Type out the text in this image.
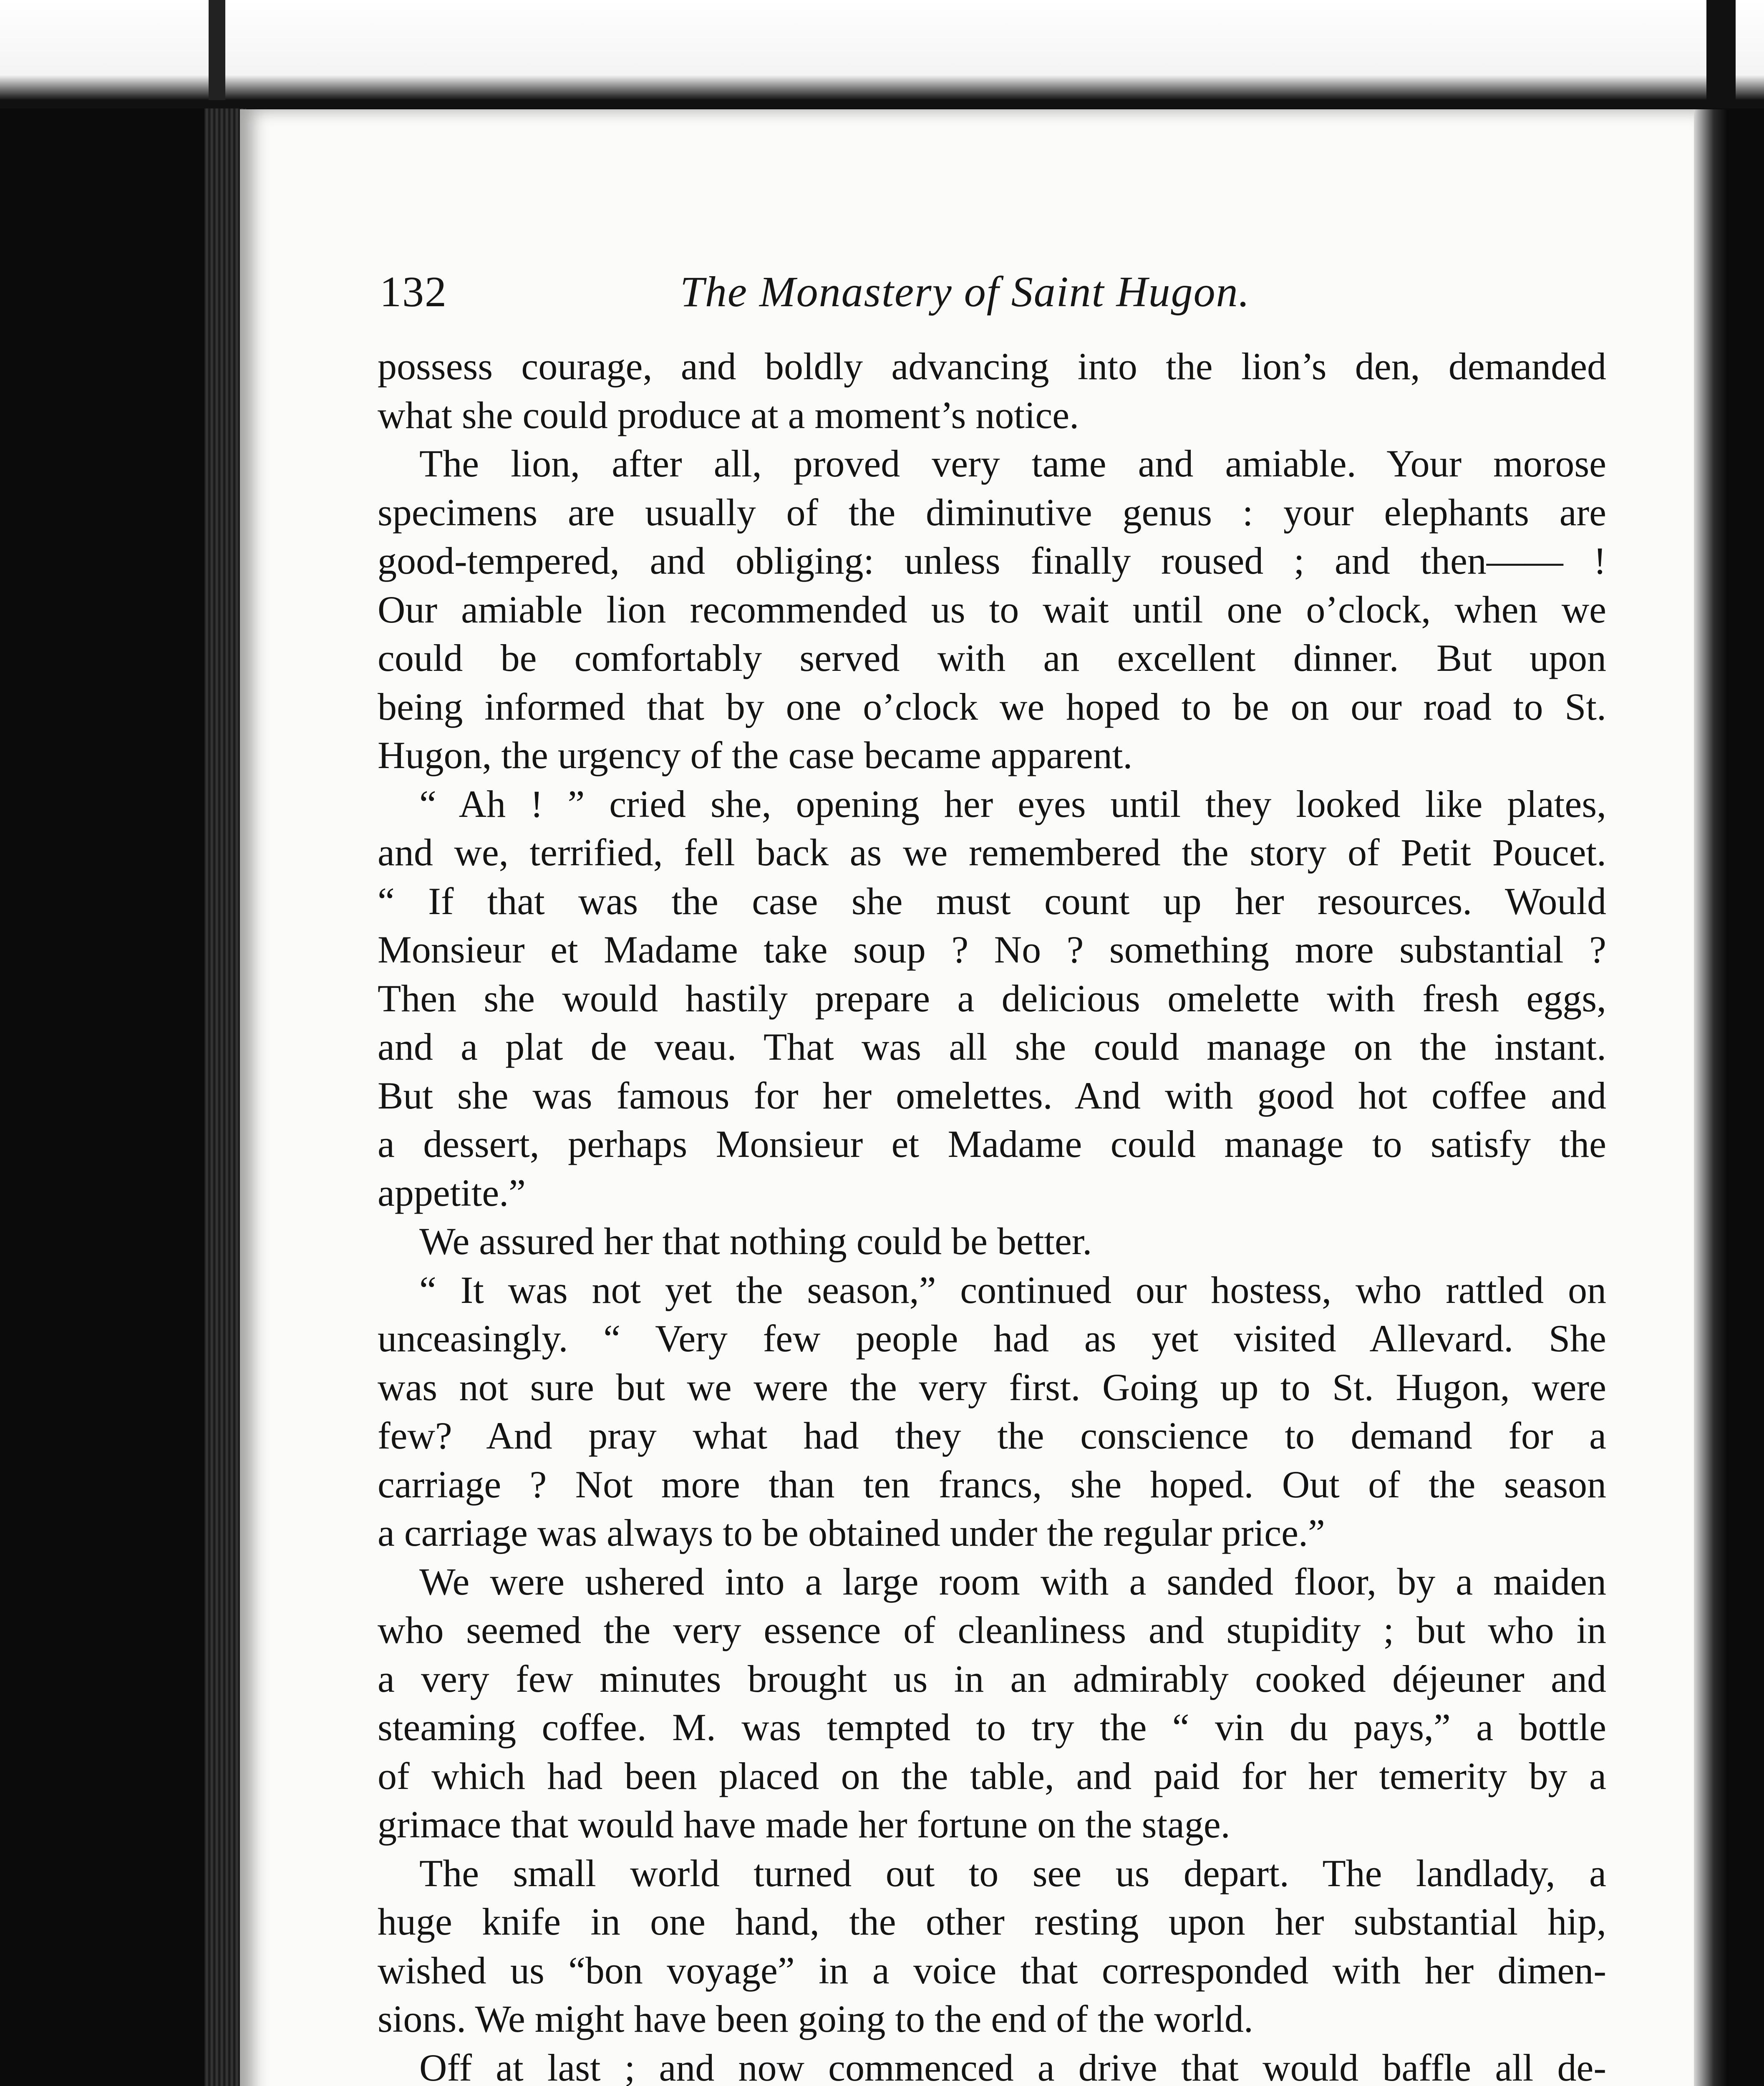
132	The Monastery of Saint Hugon.
possess courage, and boldly advancing into the lion’s den, demanded
what she could produce at a moment’s notice.
The lion, after all, proved very tame and amiable. Your morose
specimens are usually of the diminutive genus : your elephants are
good-tempered, and obliging: unless finally roused ; and then—— !
Our amiable lion recommended us to wait until one o’clock, when we
could be comfortably served with an excellent dinner. But upon
being informed that by one o’clock we hoped to be on our road to St.
Hugon, the urgency of the case became apparent.
“ Ah ! ” cried she, opening her eyes until they looked like plates,
and we, terrified, fell back as we remembered the story of Petit Poucet.
“ If that was the case she must count up her resources. Would
Monsieur et Madame take soup ? No ? something more substantial ?
Then she would hastily prepare a delicious omelette with fresh eggs,
and a plat de veau. That was all she could manage on the instant.
But she was famous for her omelettes. And with good hot coffee and
a dessert, perhaps Monsieur et Madame could manage to satisfy the
appetite.”
We assured her that nothing could be better.
“ It was not yet the season,” continued our hostess, who rattled on
unceasingly. “ Very few people had as yet visited Allevard. She
was not sure but we were the very first. Going up to St. Hugon, were
few? And pray what had they the conscience to demand for a
carriage ? Not more than ten francs, she hoped. Out of the season
a carriage was always to be obtained under the regular price.”
We were ushered into a large room with a sanded floor, by a maiden
who seemed the very essence of cleanliness and stupidity ; but who in
a very few minutes brought us in an admirably cooked déjeuner and
steaming coffee. M. was tempted to try the “ vin du pays,” a bottle
of which had been placed on the table, and paid for her temerity by a
grimace that would have made her fortune on the stage.
The small world turned out to see us depart. The landlady, a
huge knife in one hand, the other resting upon her substantial hip,
wished us “bon voyage” in a voice that corresponded with her dimen-
sions. We might have been going to the end of the world.
Off at last ; and now commenced a drive that would baffle all de-
